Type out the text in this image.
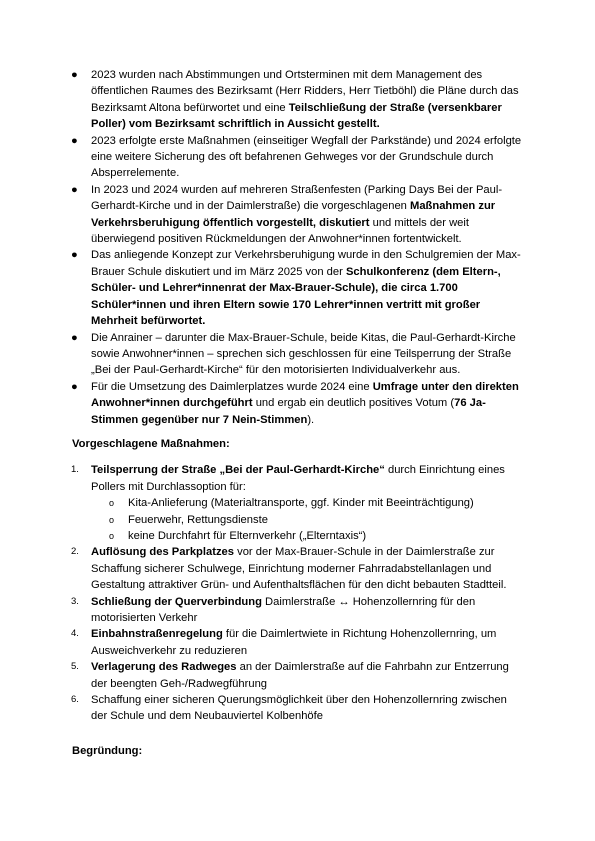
● 2023 wurden nach Abstimmungen und Ortsterminen mit dem Management des öffentlichen Raumes des Bezirksamt (Herr Ridders, Herr Tietböhl) die Pläne durch das Bezirksamt Altona befürwortet und eine Teilschließung der Straße (versenkbarer Poller) vom Bezirksamt schriftlich in Aussicht gestellt.

● 2023 erfolgte erste Maßnahmen (einseitiger Wegfall der Parkstände) und 2024 erfolgte eine weitere Sicherung des oft befahrenen Gehweges vor der Grundschule durch Absperrelemente.

● In 2023 und 2024 wurden auf mehreren Straßenfesten (Parking Days Bei der Paul-Gerhardt-Kirche und in der Daimlerstraße) die vorgeschlagenen Maßnahmen zur Verkehrsberuhigung öffentlich vorgestellt, diskutiert und mittels der weit überwiegend positiven Rückmeldungen der Anwohner*innen fortentwickelt.

● Das anliegende Konzept zur Verkehrsberuhigung wurde in den Schulgremien der Max-Brauer Schule diskutiert und im März 2025 von der Schulkonferenz (dem Eltern-, Schüler- und Lehrer*innenrat der Max-Brauer-Schule), die circa 1.700 Schüler*innen und ihren Eltern sowie 170 Lehrer*innen vertritt mit großer Mehrheit befürwortet.

● Die Anrainer – darunter die Max-Brauer-Schule, beide Kitas, die Paul-Gerhardt-Kirche sowie Anwohner*innen – sprechen sich geschlossen für eine Teilsperrung der Straße „Bei der Paul-Gerhardt-Kirche“ für den motorisierten Individualverkehr aus.

● Für die Umsetzung des Daimlerplatzes wurde 2024 eine Umfrage unter den direkten Anwohner*innen durchgeführt und ergab ein deutlich positives Votum (76 Ja-Stimmen gegenüber nur 7 Nein-Stimmen).

Vorgeschlagene Maßnahmen:

1. Teilsperrung der Straße „Bei der Paul-Gerhardt-Kirche“ durch Einrichtung eines Pollers mit Durchlassoption für:

o Kita-Anlieferung (Materialtransporte, ggf. Kinder mit Beeinträchtigung)

o Feuerwehr, Rettungsdienste

o keine Durchfahrt für Elternverkehr („Elterntaxis“)

2. Auflösung des Parkplatzes vor der Max-Brauer-Schule in der Daimlerstraße zur Schaffung sicherer Schulwege, Einrichtung moderner Fahrradabstellanlagen und Gestaltung attraktiver Grün- und Aufenthaltsflächen für den dicht bebauten Stadtteil.

3. Schließung der Querverbindung Daimlerstraße ↔ Hohenzollernring für den motorisierten Verkehr

4. Einbahnstraßenregelung für die Daimlertwiete in Richtung Hohenzollernring, um Ausweichverkehr zu reduzieren

5. Verlagerung des Radweges an der Daimlerstraße auf die Fahrbahn zur Entzerrung der beengten Geh-/Radwegführung

6. Schaffung einer sicheren Querungsmöglichkeit über den Hohenzollernring zwischen der Schule und dem Neubauviertel Kolbenhöfe

Begründung:
